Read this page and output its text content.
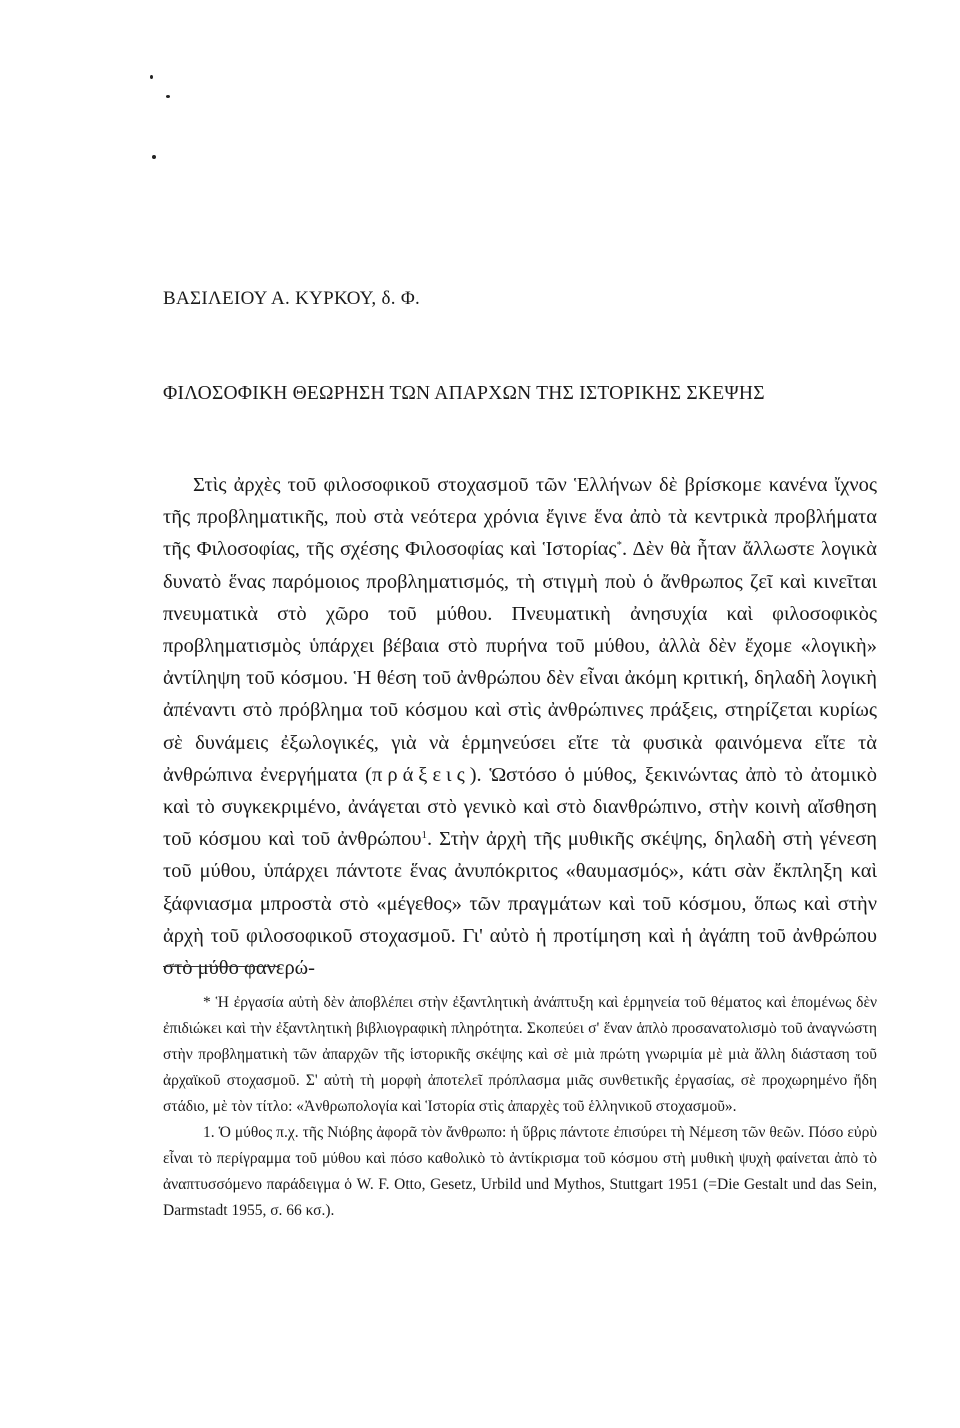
ΒΑΣΙΛΕΙΟΥ Α. ΚΥΡΚΟΥ, δ. Φ.
ΦΙΛΟΣΟΦΙΚΗ ΘΕΩΡΗΣΗ ΤΩΝ ΑΠΑΡΧΩΝ ΤΗΣ ΙΣΤΟΡΙΚΗΣ ΣΚΕΨΗΣ

Στὶς ἀρχὲς τοῦ φιλοσοφικοῦ στοχασμοῦ τῶν Ἑλλήνων δὲ βρίσκομε κανένα ἴχνος τῆς προβληματικῆς, ποὺ στὰ νεότερα χρόνια ἔγινε ἕνα ἀπὸ τὰ κεντρικὰ προβλήματα τῆς Φιλοσοφίας, τῆς σχέσης Φιλοσοφίας καὶ Ἱστορίας*. Δὲν θὰ ἦταν ἄλλωστε λογικὰ δυνατὸ ἕνας παρόμοιος προβληματισμός, τὴ στιγμὴ ποὺ ὁ ἄνθρωπος ζεῖ καὶ κινεῖται πνευματικὰ στὸ χῶρο τοῦ μύθου. Πνευματικὴ ἀνησυχία καὶ φιλοσοφικὸς προβληματισμὸς ὑπάρχει βέβαια στὸ πυρήνα τοῦ μύθου, ἀλλὰ δὲν ἔχομε «λογικὴ» ἀντίληψη τοῦ κόσμου. Ἡ θέση τοῦ ἀνθρώπου δὲν εἶναι ἀκόμη κριτική, δηλαδὴ λογικὴ ἀπέναντι στὸ πρόβλημα τοῦ κόσμου καὶ στὶς ἀνθρώπινες πράξεις, στηρίζεται κυρίως σὲ δυνάμεις ἐξωλογικές, γιὰ νὰ ἑρμηνεύσει εἴτε τὰ φυσικὰ φαινόμενα εἴτε τὰ ἀνθρώπινα ἐνεργήματα (πράξεις). Ὡστόσο ὁ μύθος, ξεκινώντας ἀπὸ τὸ ἀτομικὸ καὶ τὸ συγκεκριμένο, ἀνάγεται στὸ γενικὸ καὶ στὸ διανθρώπινο, στὴν κοινὴ αἴσθηση τοῦ κόσμου καὶ τοῦ ἀνθρώπου$^1$. Στὴν ἀρχὴ τῆς μυθικῆς σκέψης, δηλαδὴ στὴ γένεση τοῦ μύθου, ὑπάρχει πάντοτε ἕνας ἀνυπόκριτος «θαυμασμός», κάτι σὰν ἔκπληξη καὶ ξάφνιασμα μπροστὰ στὸ «μέγεθος» τῶν πραγμάτων καὶ τοῦ κόσμου, ὅπως καὶ στὴν ἀρχὴ τοῦ φιλοσοφικοῦ στοχασμοῦ. Γι' αὐτὸ ἡ προτίμηση καὶ ἡ ἀγάπη τοῦ ἀνθρώπου στὸ μύθο φανερώ-

* Ἡ ἐργασία αὐτὴ δὲν ἀποβλέπει στὴν ἐξαντλητικὴ ἀνάπτυξη καὶ ἑρμηνεία τοῦ θέματος καὶ ἑπομένως δὲν ἐπιδιώκει καὶ τὴν ἐξαντλητικὴ βιβλιογραφικὴ πληρότητα. Σκοπεύει σ' ἕναν ἁπλὸ προσανατολισμὸ τοῦ ἀναγνώστη στὴν προβληματικὴ τῶν ἀπαρχῶν τῆς ἱστορικῆς σκέψης καὶ σὲ μιὰ πρώτη γνωριμία μὲ μιὰ ἄλλη διάσταση τοῦ ἀρχαϊκοῦ στοχασμοῦ. Σ' αὐτὴ τὴ μορφὴ ἀποτελεῖ πρόπλασμα μιᾶς συνθετικῆς ἐργασίας, σὲ προχωρημένο ἤδη στάδιο, μὲ τὸν τίτλο: «Ἀνθρωπολογία καὶ Ἱστορία στὶς ἀπαρχὲς τοῦ ἑλληνικοῦ στοχασμοῦ».

1. Ὁ μύθος π.χ. τῆς Νιόβης ἀφορᾶ τὸν ἄνθρωπο: ἡ ὕβρις πάντοτε ἐπισύρει τὴ Νέμεση τῶν θεῶν. Πόσο εὐρὺ εἶναι τὸ περίγραμμα τοῦ μύθου καὶ πόσο καθολικὸ τὸ ἀντίκρισμα τοῦ κόσμου στὴ μυθικὴ ψυχὴ φαίνεται ἀπὸ τὸ ἀναπτυσσόμενο παράδειγμα ὁ W. F. Otto, Gesetz, Urbild und Mythos, Stuttgart 1951 (=Die Gestalt und das Sein, Darmstadt 1955, σ. 66 κσ.).
